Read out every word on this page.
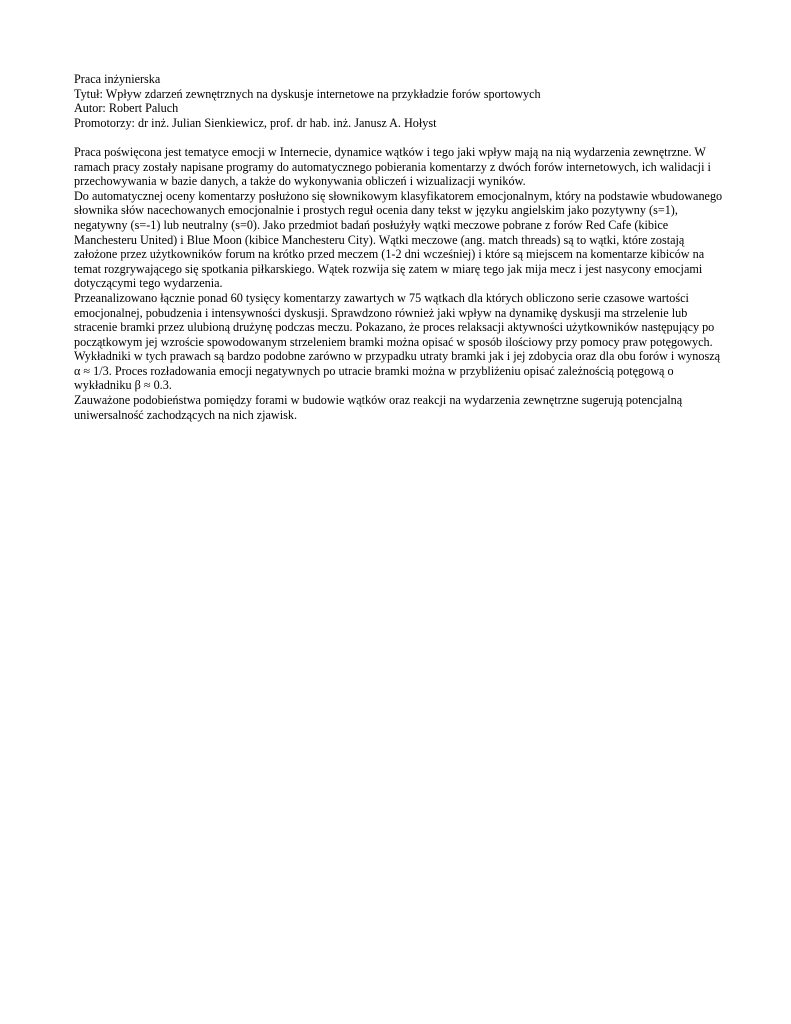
Praca inżynierska
Tytuł: Wpływ zdarzeń zewnętrznych na dyskusje internetowe na przykładzie forów sportowych
Autor: Robert Paluch
Promotorzy: dr inż. Julian Sienkiewicz, prof. dr hab. inż. Janusz A. Hołyst

Praca poświęcona jest tematyce emocji w Internecie, dynamice wątków i tego jaki wpływ mają na nią wydarzenia zewnętrzne. W ramach pracy zostały napisane programy do automatycznego pobierania komentarzy z dwóch forów internetowych, ich walidacji i przechowywania w bazie danych, a także do wykonywania obliczeń i wizualizacji wyników.

Do automatycznej oceny komentarzy posłużono się słownikowym klasyfikatorem emocjonalnym, który na podstawie wbudowanego słownika słów nacechowanych emocjonalnie i prostych reguł ocenia dany tekst w języku angielskim jako pozytywny (s=1), negatywny (s=-1) lub neutralny (s=0). Jako przedmiot badań posłużyły wątki meczowe pobrane z forów Red Cafe (kibice Manchesteru United) i Blue Moon (kibice Manchesteru City). Wątki meczowe (ang. match threads) są to wątki, które zostają założone przez użytkowników forum na krótko przed meczem (1-2 dni wcześniej) i które są miejscem na komentarze kibiców na temat rozgrywającego się spotkania piłkarskiego. Wątek rozwija się zatem w miarę tego jak mija mecz i jest nasycony emocjami dotyczącymi tego wydarzenia.

Przeanalizowano łącznie ponad 60 tysięcy komentarzy zawartych w 75 wątkach dla których obliczono serie czasowe wartości emocjonalnej, pobudzenia i intensywności dyskusji. Sprawdzono również jaki wpływ na dynamikę dyskusji ma strzelenie lub stracenie bramki przez ulubioną drużynę podczas meczu. Pokazano, że proces relaksacji aktywności użytkowników następujący po początkowym jej wzroście spowodowanym strzeleniem bramki można opisać w sposób ilościowy przy pomocy praw potęgowych. Wykładniki w tych prawach są bardzo podobne zarówno w przypadku utraty bramki jak i jej zdobycia oraz dla obu forów i wynoszą α ≈ 1/3. Proces rozładowania emocji negatywnych po utracie bramki można w przybliżeniu opisać zależnością potęgową o wykładniku β ≈ 0.3.

Zauważone podobieństwa pomiędzy forami w budowie wątków oraz reakcji na wydarzenia zewnętrzne sugerują potencjalną uniwersalność zachodzących na nich zjawisk.
